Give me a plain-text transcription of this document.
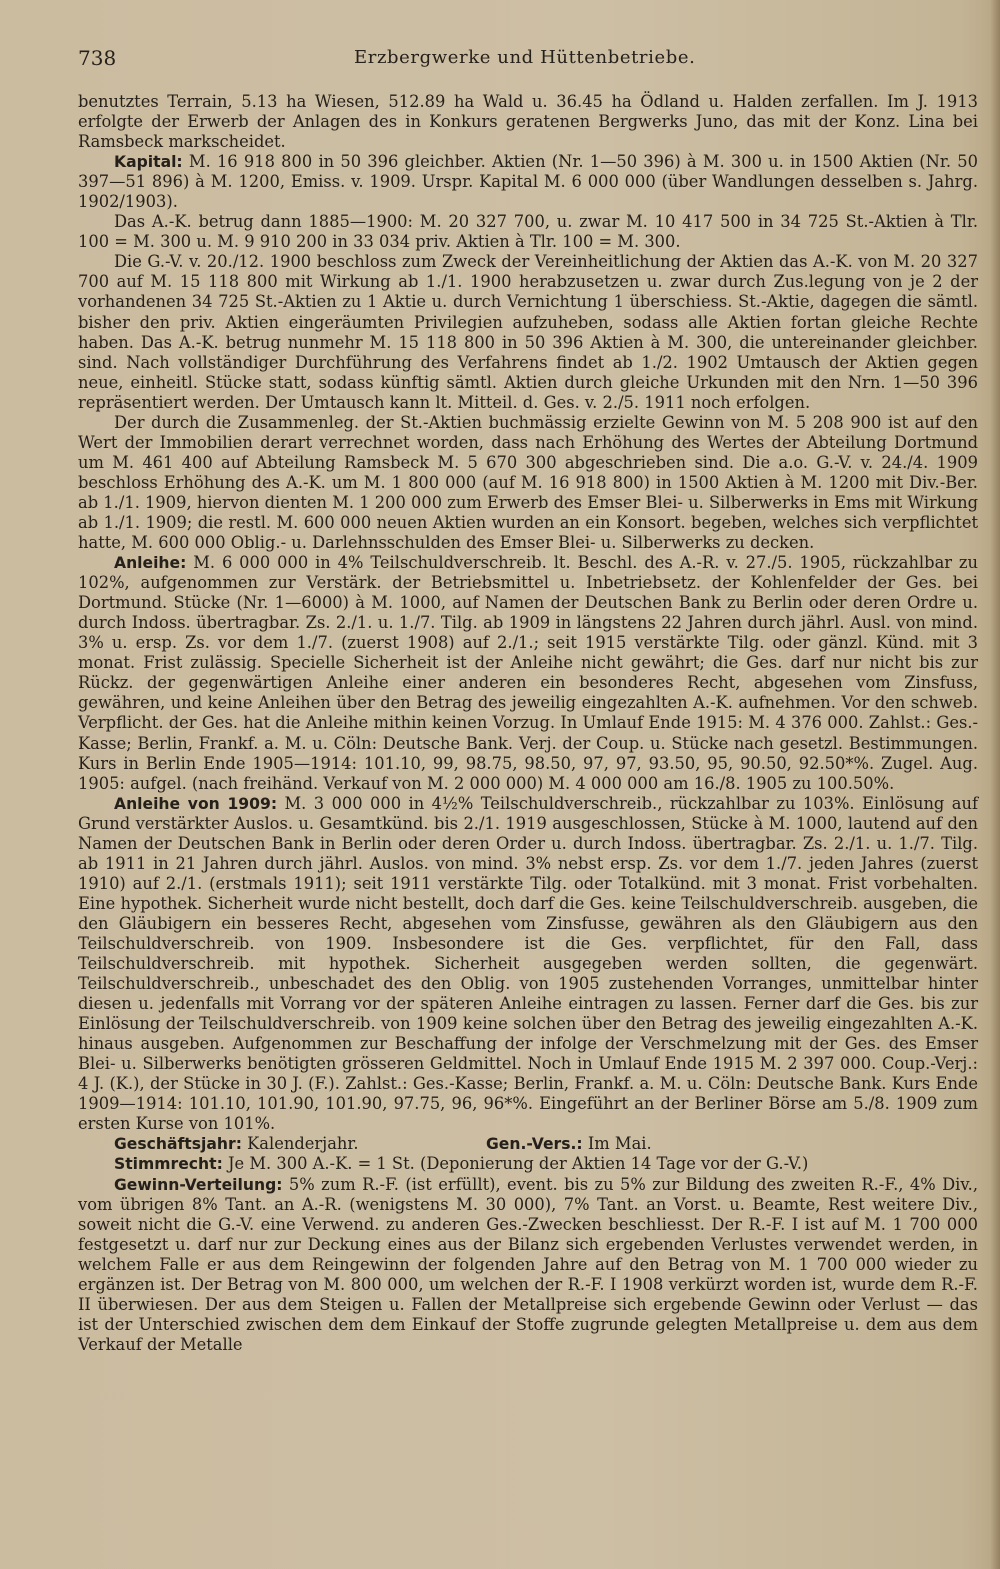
738	Erzbergwerke und Hüttenbetriebe.

benutztes Terrain, 5.13 ha Wiesen, 512.89 ha Wald u. 36.45 ha Ödland u. Halden zerfallen. Im J. 1913 erfolgte der Erwerb der Anlagen des in Konkurs geratenen Bergwerks Juno, das mit der Konz. Lina bei Ramsbeck markscheidet.

Kapital: M. 16 918 800 in 50 396 gleichber. Aktien (Nr. 1—50 396) à M. 300 u. in 1500 Aktien (Nr. 50 397—51 896) à M. 1200, Emiss. v. 1909. Urspr. Kapital M. 6 000 000 (über Wandlungen desselben s. Jahrg. 1902/1903).

Das A.-K. betrug dann 1885—1900: M. 20 327 700, u. zwar M. 10 417 500 in 34 725 St.-Aktien à Tlr. 100 = M. 300 u. M. 9 910 200 in 33 034 priv. Aktien à Tlr. 100 = M. 300.

Die G.-V. v. 20./12. 1900 beschloss zum Zweck der Vereinheitlichung der Aktien das A.-K. von M. 20 327 700 auf M. 15 118 800 mit Wirkung ab 1./1. 1900 herabzusetzen u. zwar durch Zus.legung von je 2 der vorhandenen 34 725 St.-Aktien zu 1 Aktie u. durch Vernichtung 1 überschiess. St.-Aktie, dagegen die sämtl. bisher den priv. Aktien eingeräumten Privilegien aufzuheben, sodass alle Aktien fortan gleiche Rechte haben. Das A.-K. betrug nunmehr M. 15 118 800 in 50 396 Aktien à M. 300, die untereinander gleichber. sind. Nach vollständiger Durchführung des Verfahrens findet ab 1./2. 1902 Umtausch der Aktien gegen neue, einheitl. Stücke statt, sodass künftig sämtl. Aktien durch gleiche Urkunden mit den Nrn. 1—50 396 repräsentiert werden. Der Umtausch kann lt. Mitteil. d. Ges. v. 2./5. 1911 noch erfolgen.

Der durch die Zusammenleg. der St.-Aktien buchmässig erzielte Gewinn von M. 5 208 900 ist auf den Wert der Immobilien derart verrechnet worden, dass nach Erhöhung des Wertes der Abteilung Dortmund um M. 461 400 auf Abteilung Ramsbeck M. 5 670 300 abgeschrieben sind. Die a.o. G.-V. v. 24./4. 1909 beschloss Erhöhung des A.-K. um M. 1 800 000 (auf M. 16 918 800) in 1500 Aktien à M. 1200 mit Div.-Ber. ab 1./1. 1909, hiervon dienten M. 1 200 000 zum Erwerb des Emser Blei- u. Silberwerks in Ems mit Wirkung ab 1./1. 1909; die restl. M. 600 000 neuen Aktien wurden an ein Konsort. begeben, welches sich verpflichtet hatte, M. 600 000 Oblig.- u. Darlehnsschulden des Emser Blei- u. Silberwerks zu decken.

Anleihe: M. 6 000 000 in 4% Teilschuldverschreib. lt. Beschl. des A.-R. v. 27./5. 1905, rückzahlbar zu 102%, aufgenommen zur Verstärk. der Betriebsmittel u. Inbetriebsetz. der Kohlenfelder der Ges. bei Dortmund. Stücke (Nr. 1—6000) à M. 1000, auf Namen der Deutschen Bank zu Berlin oder deren Ordre u. durch Indoss. übertragbar. Zs. 2./1. u. 1./7. Tilg. ab 1909 in längstens 22 Jahren durch jährl. Ausl. von mind. 3% u. ersp. Zs. vor dem 1./7. (zuerst 1908) auf 2./1.; seit 1915 verstärkte Tilg. oder gänzl. Künd. mit 3 monat. Frist zulässig. Specielle Sicherheit ist der Anleihe nicht gewährt; die Ges. darf nur nicht bis zur Rückz. der gegenwärtigen Anleihe einer anderen ein besonderes Recht, abgesehen vom Zinsfuss, gewähren, und keine Anleihen über den Betrag des jeweilig eingezahlten A.-K. aufnehmen. Vor den schweb. Verpflicht. der Ges. hat die Anleihe mithin keinen Vorzug. In Umlauf Ende 1915: M. 4 376 000. Zahlst.: Ges.-Kasse; Berlin, Frankf. a. M. u. Cöln: Deutsche Bank. Verj. der Coup. u. Stücke nach gesetzl. Bestimmungen. Kurs in Berlin Ende 1905—1914: 101.10, 99, 98.75, 98.50, 97, 97, 93.50, 95, 90.50, 92.50*%. Zugel. Aug. 1905: aufgel. (nach freihänd. Verkauf von M. 2 000 000) M. 4 000 000 am 16./8. 1905 zu 100.50%.

Anleihe von 1909: M. 3 000 000 in 4½% Teilschuldverschreib., rückzahlbar zu 103%. Einlösung auf Grund verstärkter Auslos. u. Gesamtkünd. bis 2./1. 1919 ausgeschlossen, Stücke à M. 1000, lautend auf den Namen der Deutschen Bank in Berlin oder deren Order u. durch Indoss. übertragbar. Zs. 2./1. u. 1./7. Tilg. ab 1911 in 21 Jahren durch jährl. Auslos. von mind. 3% nebst ersp. Zs. vor dem 1./7. jeden Jahres (zuerst 1910) auf 2./1. (erstmals 1911); seit 1911 verstärkte Tilg. oder Totalkünd. mit 3 monat. Frist vorbehalten. Eine hypothek. Sicherheit wurde nicht bestellt, doch darf die Ges. keine Teilschuldverschreib. ausgeben, die den Gläubigern ein besseres Recht, abgesehen vom Zinsfusse, gewähren als den Gläubigern aus den Teilschuldverschreib. von 1909. Insbesondere ist die Ges. verpflichtet, für den Fall, dass Teilschuldverschreib. mit hypothek. Sicherheit ausgegeben werden sollten, die gegenwärt. Teilschuldverschreib., unbeschadet des den Oblig. von 1905 zustehenden Vorranges, unmittelbar hinter diesen u. jedenfalls mit Vorrang vor der späteren Anleihe eintragen zu lassen. Ferner darf die Ges. bis zur Einlösung der Teilschuldverschreib. von 1909 keine solchen über den Betrag des jeweilig eingezahlten A.-K. hinaus ausgeben. Aufgenommen zur Beschaffung der infolge der Verschmelzung mit der Ges. des Emser Blei- u. Silberwerks benötigten grösseren Geldmittel. Noch in Umlauf Ende 1915 M. 2 397 000. Coup.-Verj.: 4 J. (K.), der Stücke in 30 J. (F.). Zahlst.: Ges.-Kasse; Berlin, Frankf. a. M. u. Cöln: Deutsche Bank. Kurs Ende 1909—1914: 101.10, 101.90, 101.90, 97.75, 96, 96*%. Eingeführt an der Berliner Börse am 5./8. 1909 zum ersten Kurse von 101%.

Geschäftsjahr: Kalenderjahr.	Gen.-Vers.: Im Mai.

Stimmrecht: Je M. 300 A.-K. = 1 St. (Deponierung der Aktien 14 Tage vor der G.-V.)

Gewinn-Verteilung: 5% zum R.-F. (ist erfüllt), event. bis zu 5% zur Bildung des zweiten R.-F., 4% Div., vom übrigen 8% Tant. an A.-R. (wenigstens M. 30 000), 7% Tant. an Vorst. u. Beamte, Rest weitere Div., soweit nicht die G.-V. eine Verwend. zu anderen Ges.-Zwecken beschliesst. Der R.-F. I ist auf M. 1 700 000 festgesetzt u. darf nur zur Deckung eines aus der Bilanz sich ergebenden Verlustes verwendet werden, in welchem Falle er aus dem Reingewinn der folgenden Jahre auf den Betrag von M. 1 700 000 wieder zu ergänzen ist. Der Betrag von M. 800 000, um welchen der R.-F. I 1908 verkürzt worden ist, wurde dem R.-F. II überwiesen. Der aus dem Steigen u. Fallen der Metallpreise sich ergebende Gewinn oder Verlust — das ist der Unterschied zwischen dem dem Einkauf der Stoffe zugrunde gelegten Metallpreise u. dem aus dem Verkauf der Metalle
